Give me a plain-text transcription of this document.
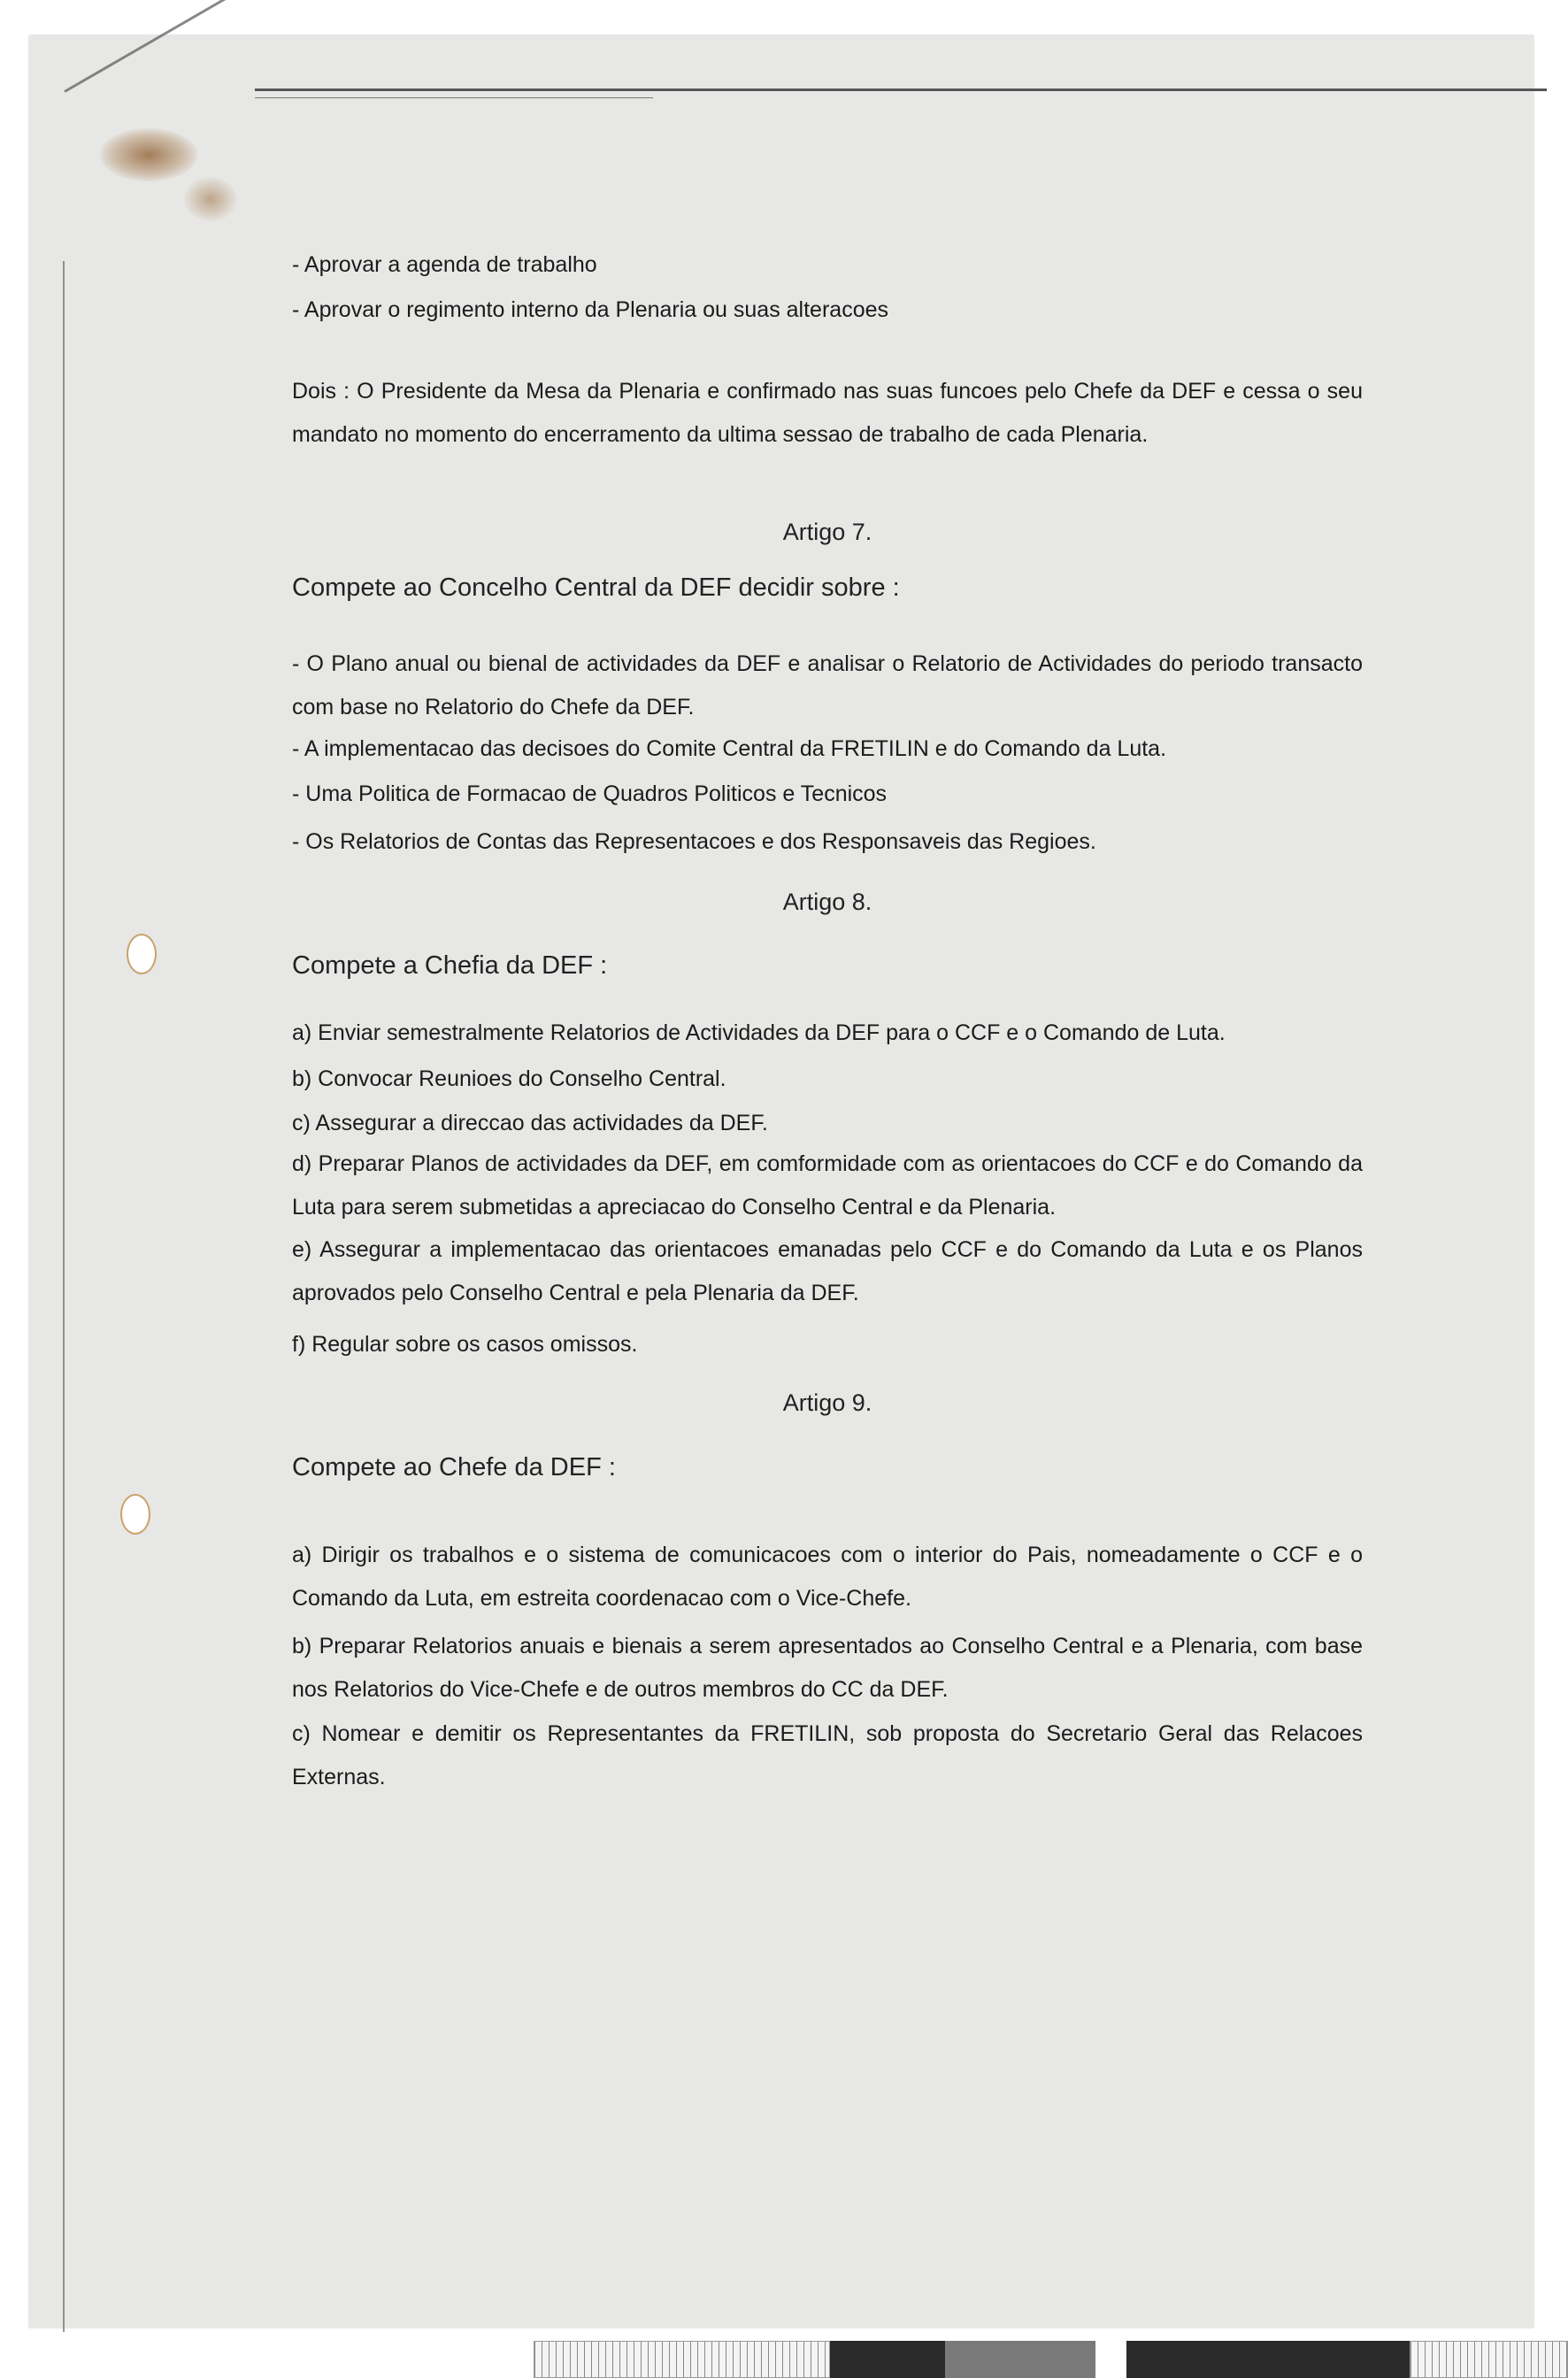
- Aprovar a agenda de trabalho
- Aprovar o regimento interno da Plenaria ou suas alteracoes

Dois : O Presidente da Mesa da Plenaria e confirmado nas suas funcoes pelo Chefe da DEF e cessa o seu mandato no momento do encerramento da ultima sessao de trabalho de cada Plenaria.

Artigo 7.
Compete ao Concelho Central da DEF decidir sobre :

- O Plano anual ou bienal de actividades da DEF e analisar o Relatorio de Actividades do periodo transacto com base no Relatorio do Chefe da DEF.

- A implementacao das decisoes do Comite Central da FRETILIN e do Comando da Luta.
- Uma Politica de Formacao de Quadros Politicos e Tecnicos
- Os Relatorios de Contas das Representacoes e dos Responsaveis das Regioes.
Artigo 8.
Compete a Chefia da DEF :
a) Enviar semestralmente Relatorios de Actividades da DEF para o CCF e o Comando de Luta.
b) Convocar Reunioes do Conselho Central.
c) Assegurar a direccao das actividades da DEF.

d) Preparar Planos de actividades da DEF, em comformidade com as orientacoes do CCF e do Comando da Luta para serem submetidas a apreciacao do Conselho Central e da Plenaria.

e) Assegurar a implementacao das orientacoes emanadas pelo CCF e do Comando da Luta e os Planos aprovados pelo Conselho Central e pela Plenaria da DEF.

f) Regular sobre os casos omissos.
Artigo 9.
Compete ao Chefe da DEF :

a) Dirigir os trabalhos e o sistema de comunicacoes com o interior do Pais, nomeadamente o CCF e o Comando da Luta, em estreita coordenacao com o Vice-Chefe.

b) Preparar Relatorios anuais e bienais a serem apresentados ao Conselho Central e a Plenaria, com base nos Relatorios do Vice-Chefe e de outros membros do CC da DEF.

c) Nomear e demitir os Representantes da FRETILIN, sob proposta do Secretario Geral das Relacoes Externas.
